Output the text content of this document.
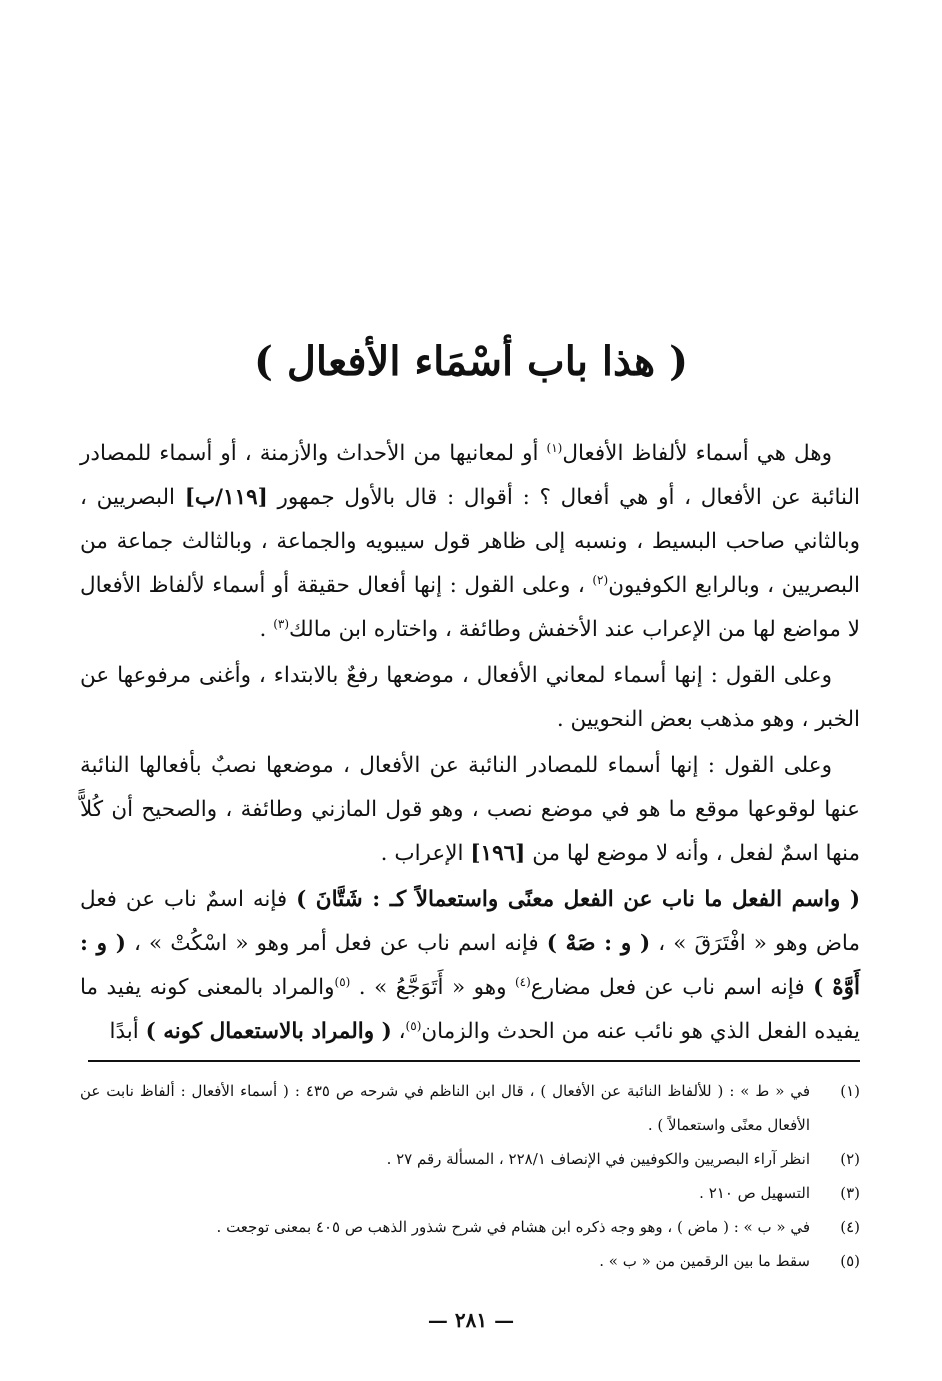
( هذا باب أسْمَاء الأفعال )

وهل هي أسماء لألفاظ الأفعال$^{(١)}$ أو لمعانيها من الأحداث والأزمنة ، أو أسماء للمصادر النائبة عن الأفعال ، أو هي أفعال ؟ : أقوال : قال بالأول جمهور [١١٩/ب] البصريين ، وبالثاني صاحب البسيط ، ونسبه إلى ظاهر قول سيبويه والجماعة ، وبالثالث جماعة من البصريين ، وبالرابع الكوفيون$^{(٢)}$ ، وعلى القول : إنها أفعال حقيقة أو أسماء لألفاظ الأفعال لا مواضع لها من الإعراب عند الأخفش وطائفة ، واختاره ابن مالك$^{(٣)}$ .

وعلى القول : إنها أسماء لمعاني الأفعال ، موضعها رفعٌ بالابتداء ، وأغنى مرفوعها عن الخبر ، وهو مذهب بعض النحويين .

وعلى القول : إنها أسماء للمصادر النائبة عن الأفعال ، موضعها نصبٌ بأفعالها النائبة عنها لوقوعها موقع ما هو في موضع نصب ، وهو قول المازني وطائفة ، والصحيح أن كُلاًّ منها اسمٌ لفعل ، وأنه لا موضع لها من [١٩٦] الإعراب .

( واسم الفعل ما ناب عن الفعل معنًى واستعمالاً كـ : شَتَّانَ ) فإنه اسمٌ ناب عن فعل ماض وهو « افْتَرَقَ » ، ( و : صَهْ ) فإنه اسم ناب عن فعل أمر وهو « اسْكُتْ » ، ( و : أَوَّهْ ) فإنه اسم ناب عن فعل مضارع$^{(٤)}$ وهو « أَتَوَجَّعُ » . $^{(٥)}$والمراد بالمعنى كونه يفيد ما يفيده الفعل الذي هو نائب عنه من الحدث والزمان$^{(٥)}$، ( والمراد بالاستعمال كونه ) أبدًا

(١)
في « ط » : ( للألفاظ النائبة عن الأفعال ) ، قال ابن الناظم في شرحه ص ٤٣٥ : ( أسماء الأفعال : ألفاظ نابت عن الأفعال معنًى واستعمالاً ) .
(٢)
انظر آراء البصريين والكوفيين في الإنصاف ٢٢٨/١ ، المسألة رقم ٢٧ .
(٣)
التسهيل ص ٢١٠ .
(٤)
في « ب » : ( ماض ) ، وهو وجه ذكره ابن هشام في شرح شذور الذهب ص ٤٠٥ بمعنى توجعت .
(٥)
سقط ما بين الرقمين من « ب » .
— ٢٨١ —
